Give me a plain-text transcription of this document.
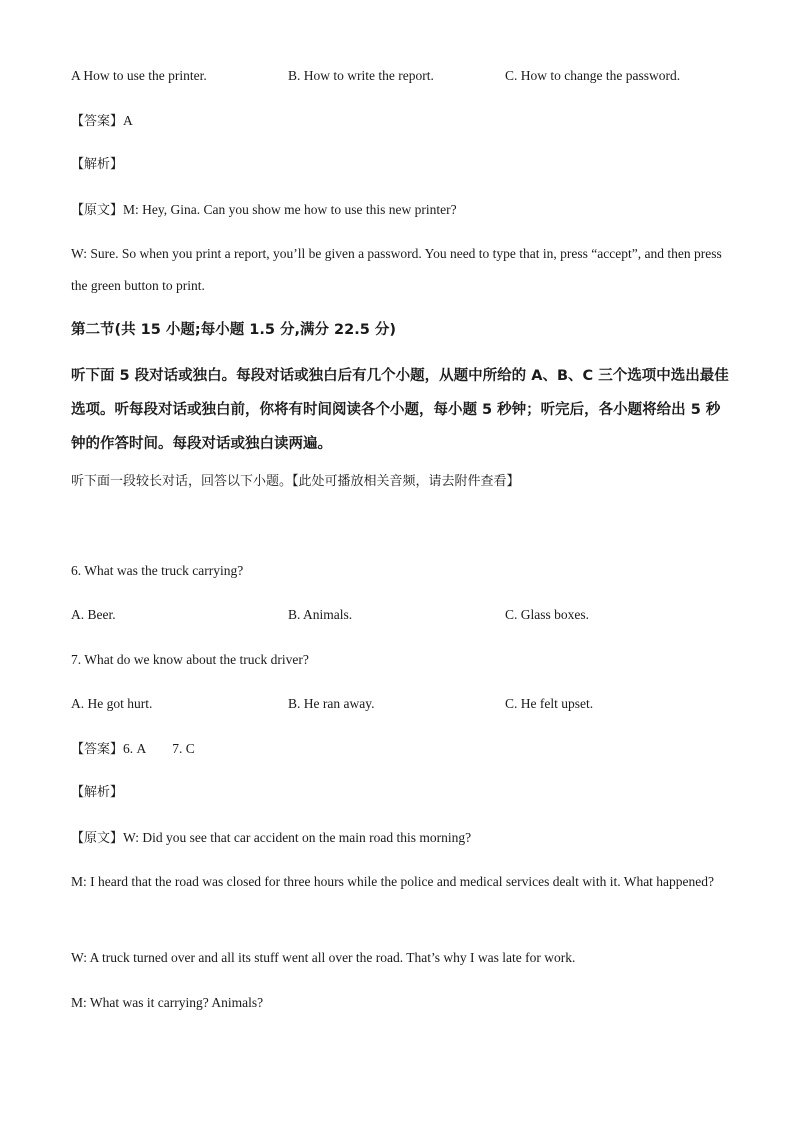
A How to use the printer.	B. How to write the report.	C. How to change the password.
【答案】A
【解析】
【原文】M: Hey, Gina. Can you show me how to use this new printer?
W: Sure. So when you print a report, you’ll be given a password. You need to type that in, press “accept”, and then press the green button to print.
第二节(共 15 小题;每小题 1.5 分,满分 22.5 分)
听下面 5 段对话或独白。每段对话或独白后有几个小题，从题中所给的 A、B、C 三个选项中选出最佳选项。听每段对话或独白前，你将有时间阅读各个小题，每小题 5 秒钟；听完后，各小题将给出 5 秒钟的作答时间。每段对话或独白读两遍。
听下面一段较长对话，回答以下小题。【此处可播放相关音频，请去附件查看】
6. What was the truck carrying?
A. Beer.	B. Animals.	C. Glass boxes.
7. What do we know about the truck driver?
A. He got hurt.	B. He ran away.	C. He felt upset.
【答案】6. A 7. C
【解析】
【原文】W: Did you see that car accident on the main road this morning?
M: I heard that the road was closed for three hours while the police and medical services dealt with it. What happened?
W: A truck turned over and all its stuff went all over the road. That’s why I was late for work.
M: What was it carrying? Animals?
